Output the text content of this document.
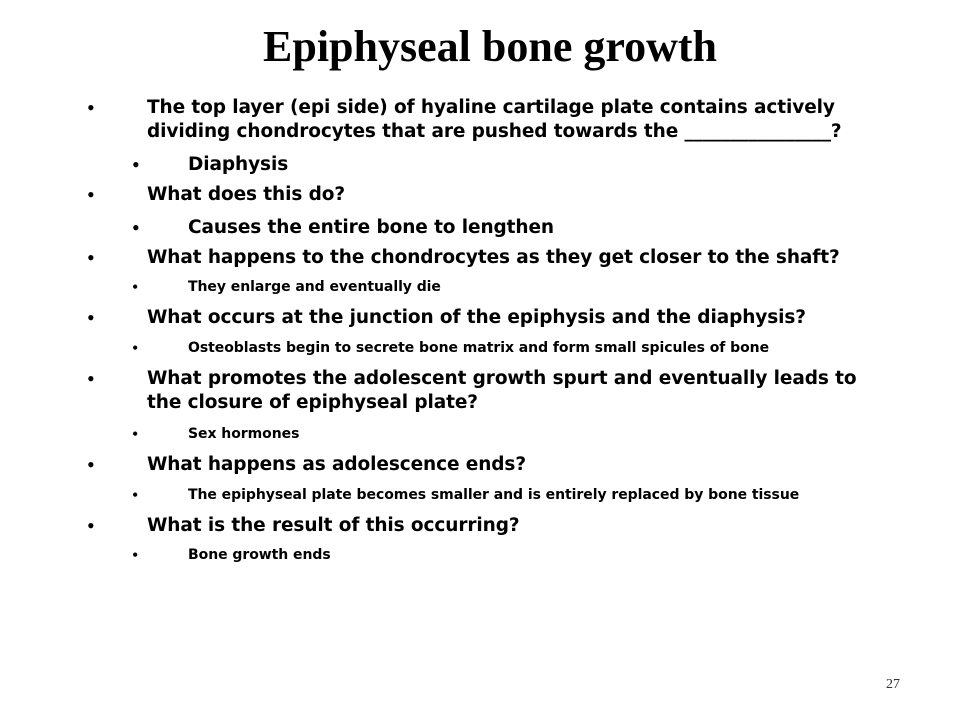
Epiphyseal bone growth
•	The top layer (epi side) of hyaline cartilage plate contains actively dividing chondrocytes that are pushed towards the ________________?
•	Diaphysis
•	What does this do?
•	Causes the entire bone to lengthen
•	What happens to the chondrocytes as they get closer to the shaft?
•	They enlarge and eventually die
•	What occurs at the junction of the epiphysis and the diaphysis?
•	Osteoblasts begin to secrete bone matrix and form small spicules of bone
•	What promotes the adolescent growth spurt and eventually leads to the closure of epiphyseal plate?
•	Sex hormones
•	What happens as adolescence ends?
•	The epiphyseal plate becomes smaller and is entirely replaced by bone tissue
•	What is the result of this occurring?
•	Bone growth ends
27
